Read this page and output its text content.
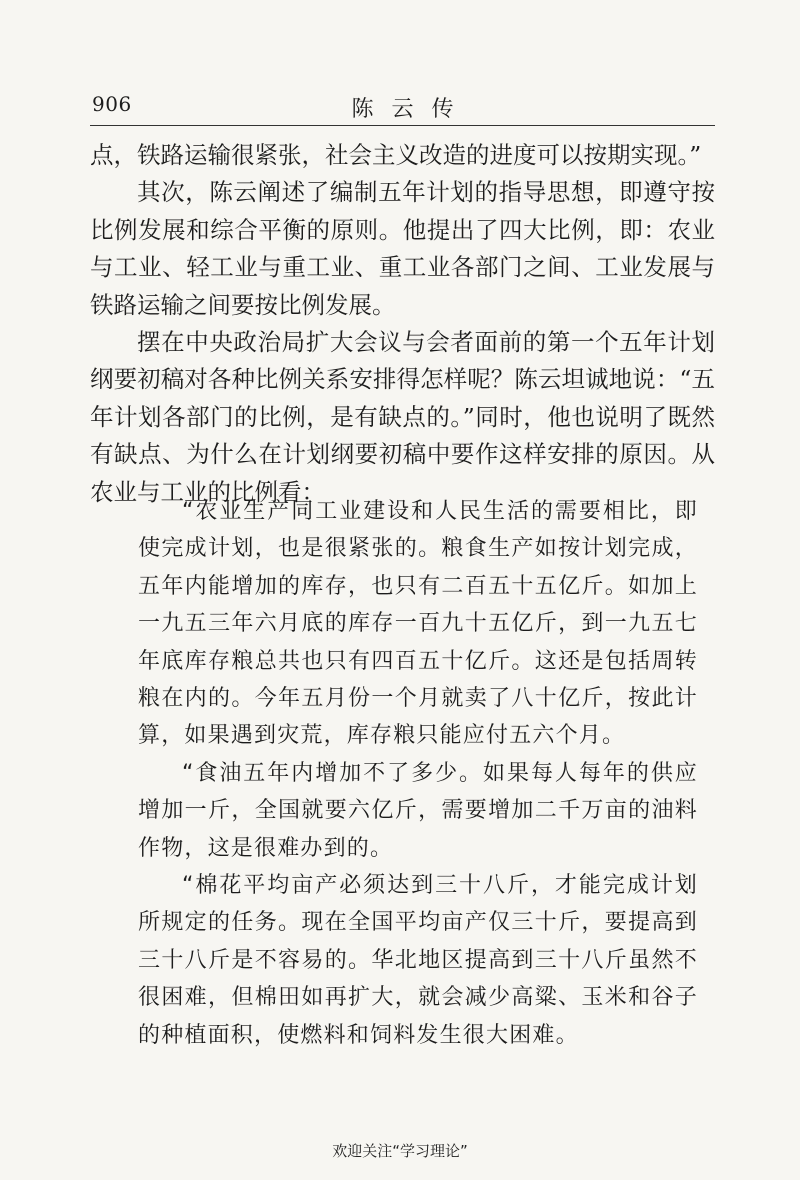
906	陈云传

点，铁路运输很紧张，社会主义改造的进度可以按期实现。”

其次，陈云阐述了编制五年计划的指导思想，即遵守按比例发展和综合平衡的原则。他提出了四大比例，即：农业与工业、轻工业与重工业、重工业各部门之间、工业发展与铁路运输之间要按比例发展。

摆在中央政治局扩大会议与会者面前的第一个五年计划纲要初稿对各种比例关系安排得怎样呢？陈云坦诚地说：“五年计划各部门的比例，是有缺点的。”同时，他也说明了既然有缺点、为什么在计划纲要初稿中要作这样安排的原因。从农业与工业的比例看：

“农业生产同工业建设和人民生活的需要相比，即使完成计划，也是很紧张的。粮食生产如按计划完成，五年内能增加的库存，也只有二百五十五亿斤。如加上一九五三年六月底的库存一百九十五亿斤，到一九五七年底库存粮总共也只有四百五十亿斤。这还是包括周转粮在内的。今年五月份一个月就卖了八十亿斤，按此计算，如果遇到灾荒，库存粮只能应付五六个月。

“食油五年内增加不了多少。如果每人每年的供应增加一斤，全国就要六亿斤，需要增加二千万亩的油料作物，这是很难办到的。

“棉花平均亩产必须达到三十八斤，才能完成计划所规定的任务。现在全国平均亩产仅三十斤，要提高到三十八斤是不容易的。华北地区提高到三十八斤虽然不很困难，但棉田如再扩大，就会减少高粱、玉米和谷子的种植面积，使燃料和饲料发生很大困难。

欢迎关注“学习理论”
